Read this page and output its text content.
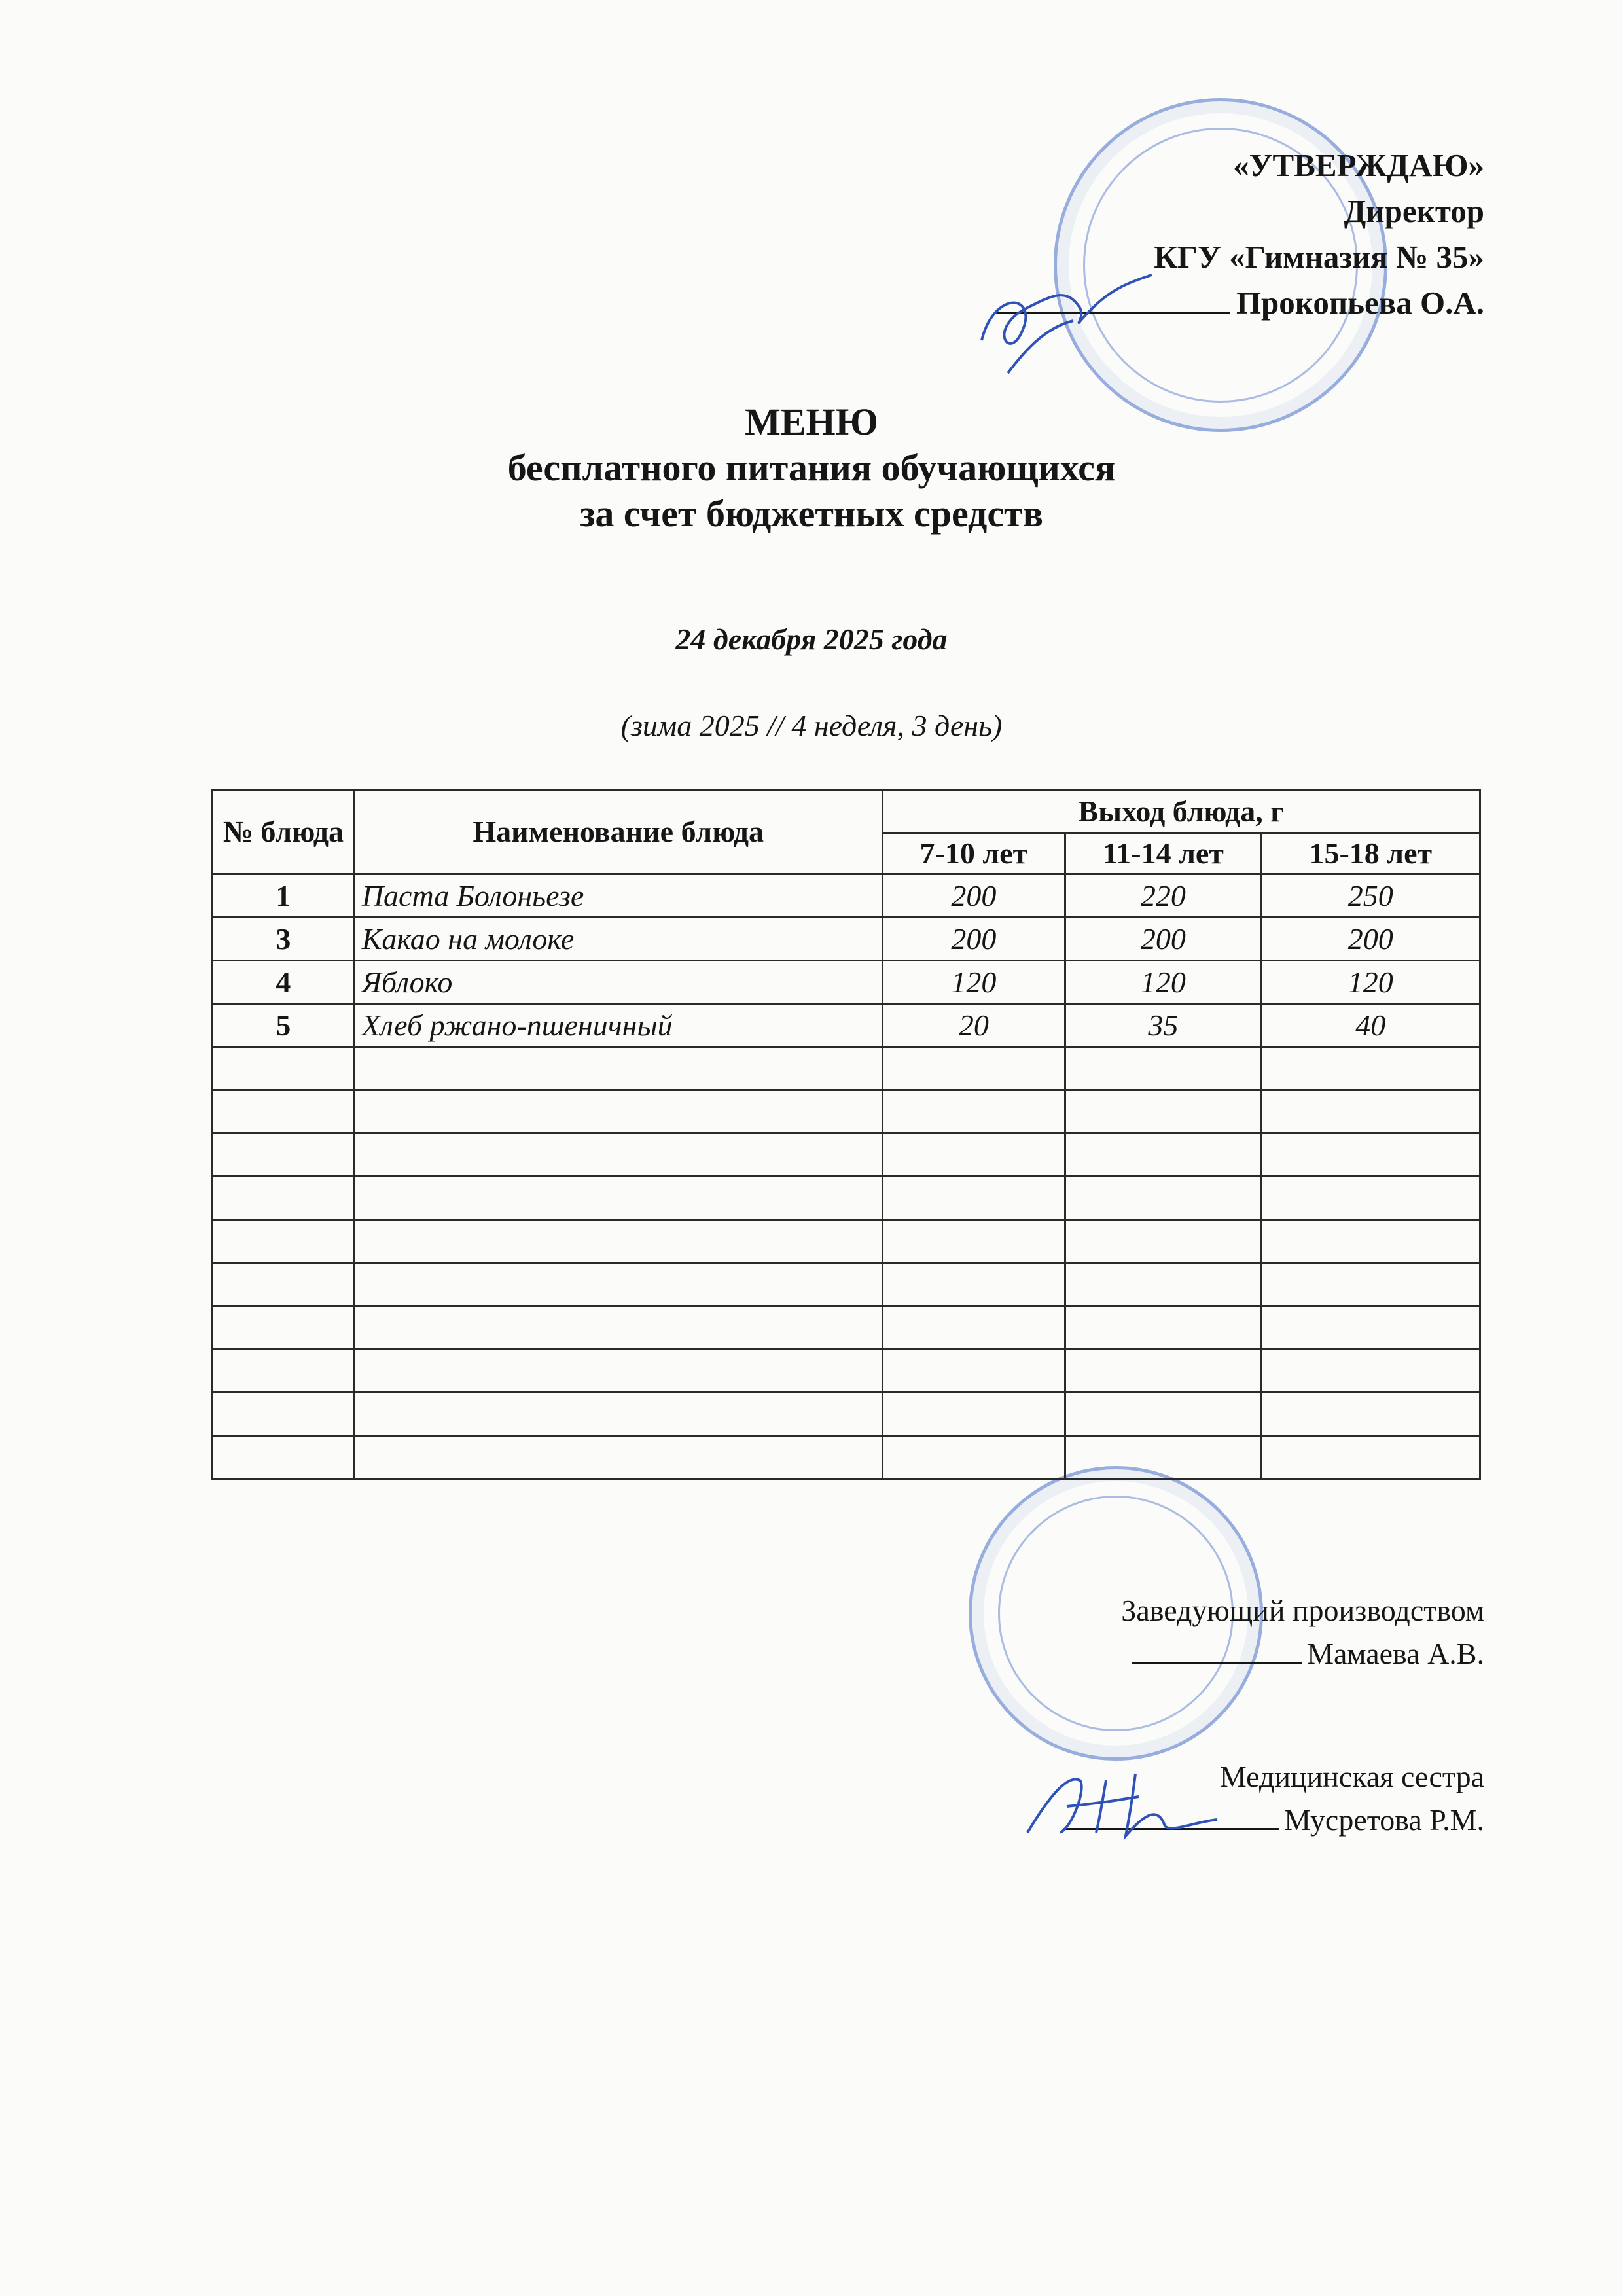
«УТВЕРЖДАЮ»
Директор
КГУ «Гимназия № 35»
Прокопьева О.А.
МЕНЮ
бесплатного питания обучающихся
за счет бюджетных средств
24 декабря 2025 года
(зима 2025 // 4 неделя, 3 день)
№ блюда	Наименование блюда	Выход блюда, г		
		7-10 лет	11-14 лет	15-18 лет
1	Паста Болоньезе	200	220	250
3	Какао на молоке	200	200	200
4	Яблоко	120	120	120
5	Хлеб ржано-пшеничный	20	35	40

Заведующий производством
Мамаева А.В.
Медицинская сестра
Мусретова Р.М.
